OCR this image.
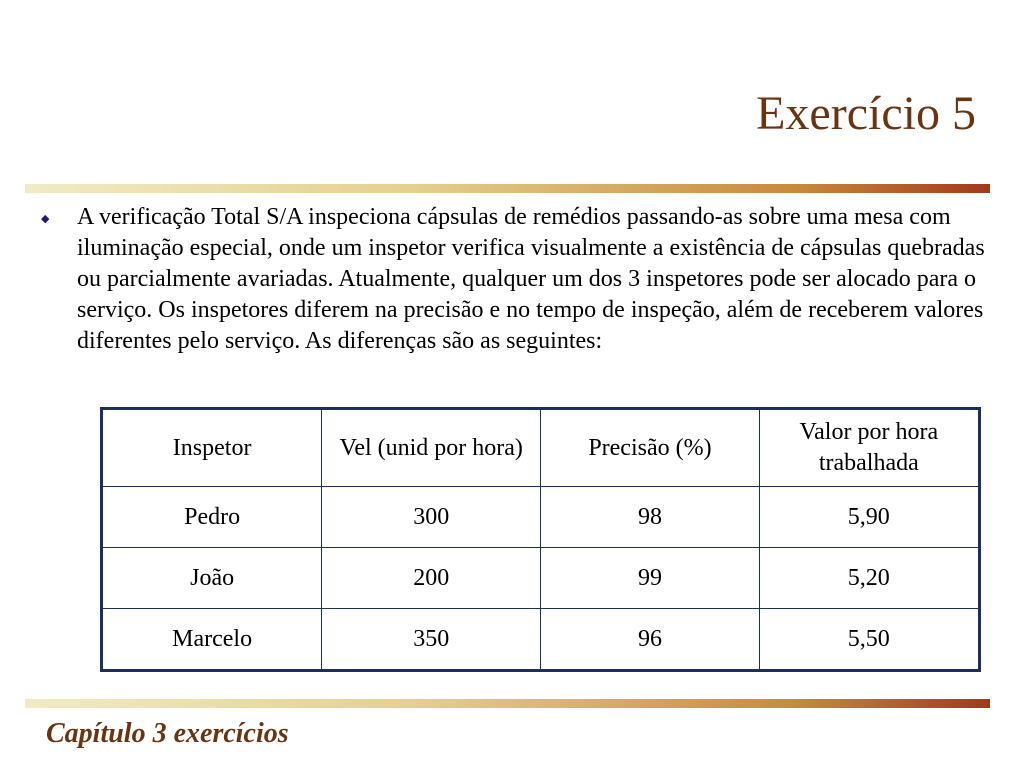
Exercício 5
◆ A verificação Total S/A inspeciona cápsulas de remédios passando-as sobre uma mesa com iluminação especial, onde um inspetor verifica visualmente a existência de cápsulas quebradas ou parcialmente avariadas. Atualmente, qualquer um dos 3 inspetores pode ser alocado para o serviço. Os inspetores diferem na precisão e no tempo de inspeção, além de receberem valores diferentes pelo serviço. As diferenças são as seguintes:

Inspetor	Vel (unid por hora)	Precisão (%)	Valor por hora trabalhada
Pedro	300	98	5,90
João	200	99	5,20
Marcelo	350	96	5,50

Capítulo 3 exercícios
